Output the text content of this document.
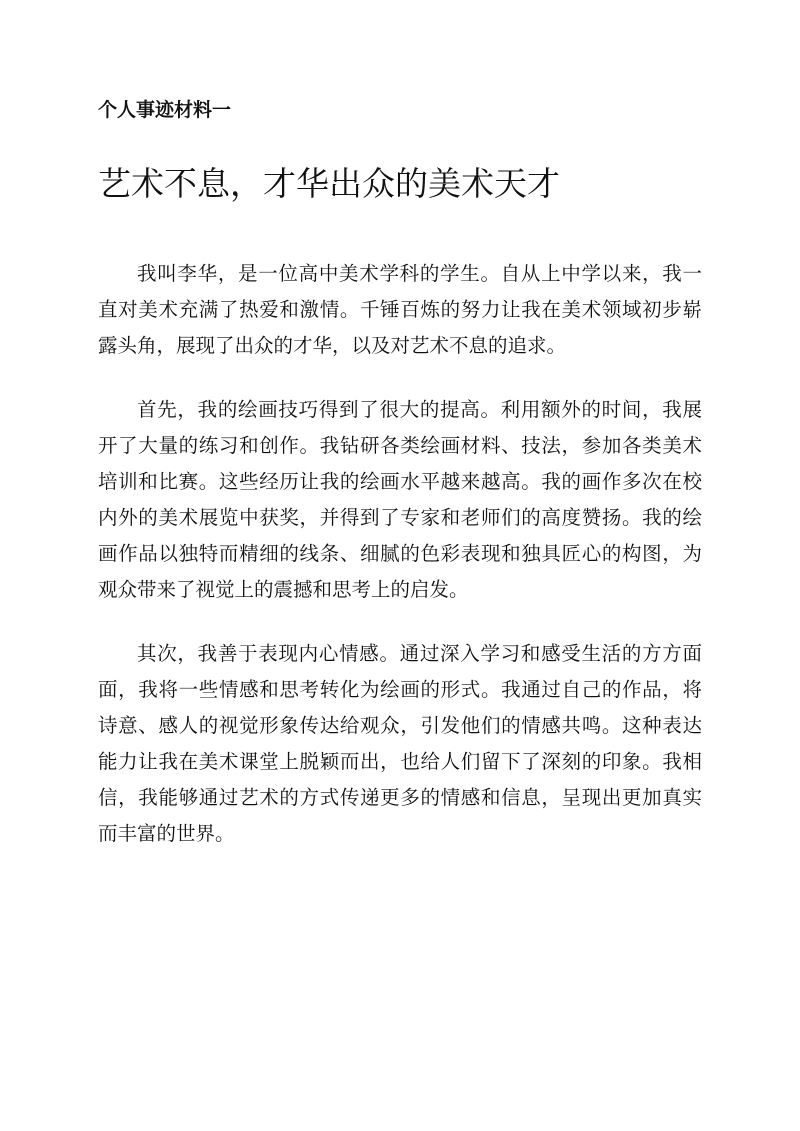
个人事迹材料一

艺术不息，才华出众的美术天才

我叫李华，是一位高中美术学科的学生。自从上中学以来，我一直对美术充满了热爱和激情。千锤百炼的努力让我在美术领域初步崭露头角，展现了出众的才华，以及对艺术不息的追求。

首先，我的绘画技巧得到了很大的提高。利用额外的时间，我展开了大量的练习和创作。我钻研各类绘画材料、技法，参加各类美术培训和比赛。这些经历让我的绘画水平越来越高。我的画作多次在校内外的美术展览中获奖，并得到了专家和老师们的高度赞扬。我的绘画作品以独特而精细的线条、细腻的色彩表现和独具匠心的构图，为观众带来了视觉上的震撼和思考上的启发。

其次，我善于表现内心情感。通过深入学习和感受生活的方方面面，我将一些情感和思考转化为绘画的形式。我通过自己的作品，将诗意、感人的视觉形象传达给观众，引发他们的情感共鸣。这种表达能力让我在美术课堂上脱颖而出，也给人们留下了深刻的印象。我相信，我能够通过艺术的方式传递更多的情感和信息，呈现出更加真实而丰富的世界。
